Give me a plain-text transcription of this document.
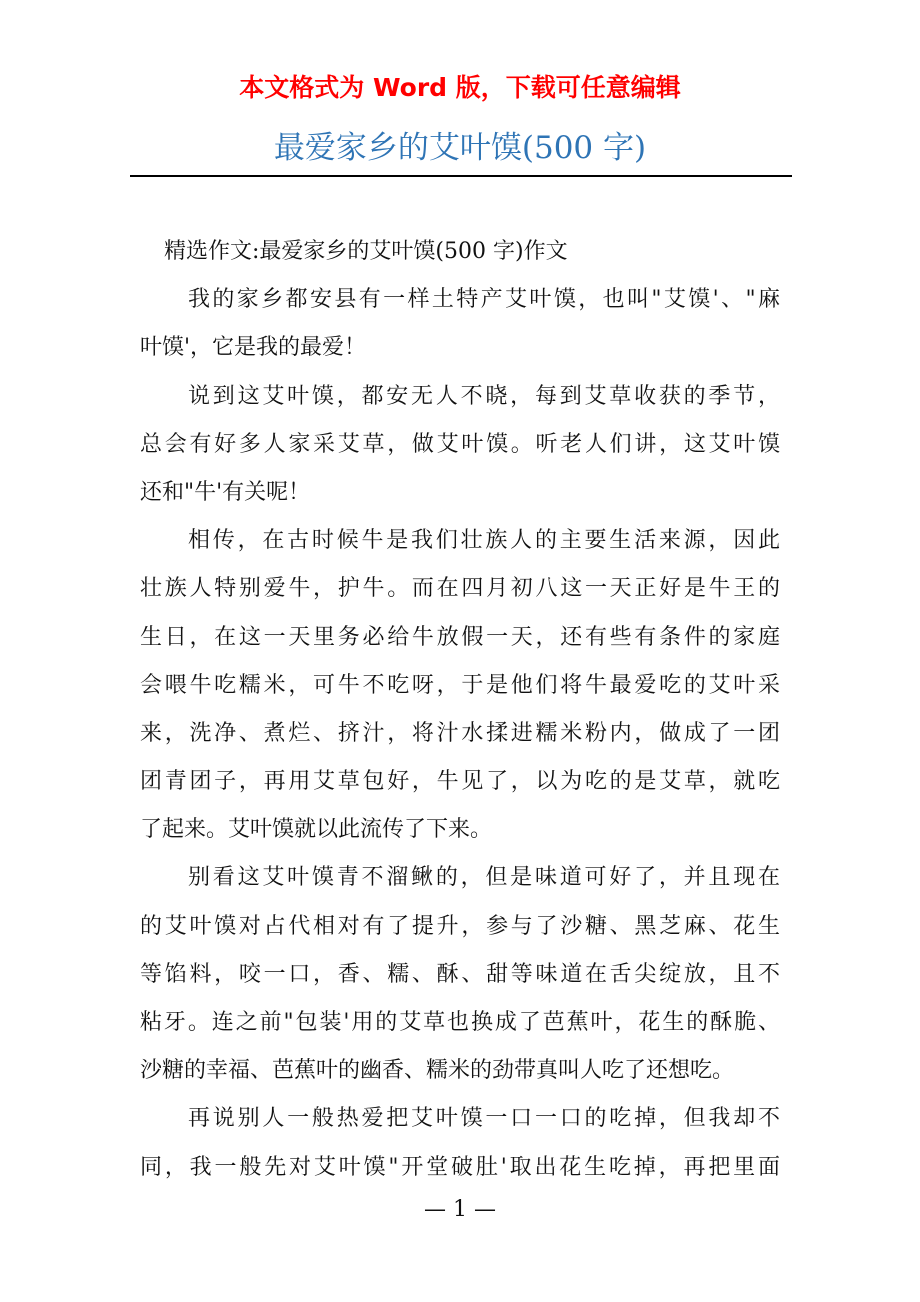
本文格式为 Word 版，下载可任意编辑
最爱家乡的艾叶馍(500 字)
精选作文:最爱家乡的艾叶馍(500 字)作文
我的家乡都安县有一样土特产艾叶馍，也叫"艾馍'、"麻
叶馍'，它是我的最爱！
说到这艾叶馍，都安无人不晓，每到艾草收获的季节，
总会有好多人家采艾草，做艾叶馍。听老人们讲，这艾叶馍
还和"牛'有关呢！
相传，在古时候牛是我们壮族人的主要生活来源，因此
壮族人特别爱牛，护牛。而在四月初八这一天正好是牛王的
生日，在这一天里务必给牛放假一天，还有些有条件的家庭
会喂牛吃糯米，可牛不吃呀，于是他们将牛最爱吃的艾叶采
来，洗净、煮烂、挤汁，将汁水揉进糯米粉内，做成了一团
团青团子，再用艾草包好，牛见了，以为吃的是艾草，就吃
了起来。艾叶馍就以此流传了下来。
别看这艾叶馍青不溜鳅的，但是味道可好了，并且现在
的艾叶馍对占代相对有了提升，参与了沙糖、黑芝麻、花生
等馅料，咬一口，香、糯、酥、甜等味道在舌尖绽放，且不
粘牙。连之前"包装'用的艾草也换成了芭蕉叶，花生的酥脆、
沙糖的幸福、芭蕉叶的幽香、糯米的劲带真叫人吃了还想吃。
再说别人一般热爱把艾叶馍一口一口的吃掉，但我却不
同，我一般先对艾叶馍"开堂破肚'取出花生吃掉，再把里面
— 1 —
